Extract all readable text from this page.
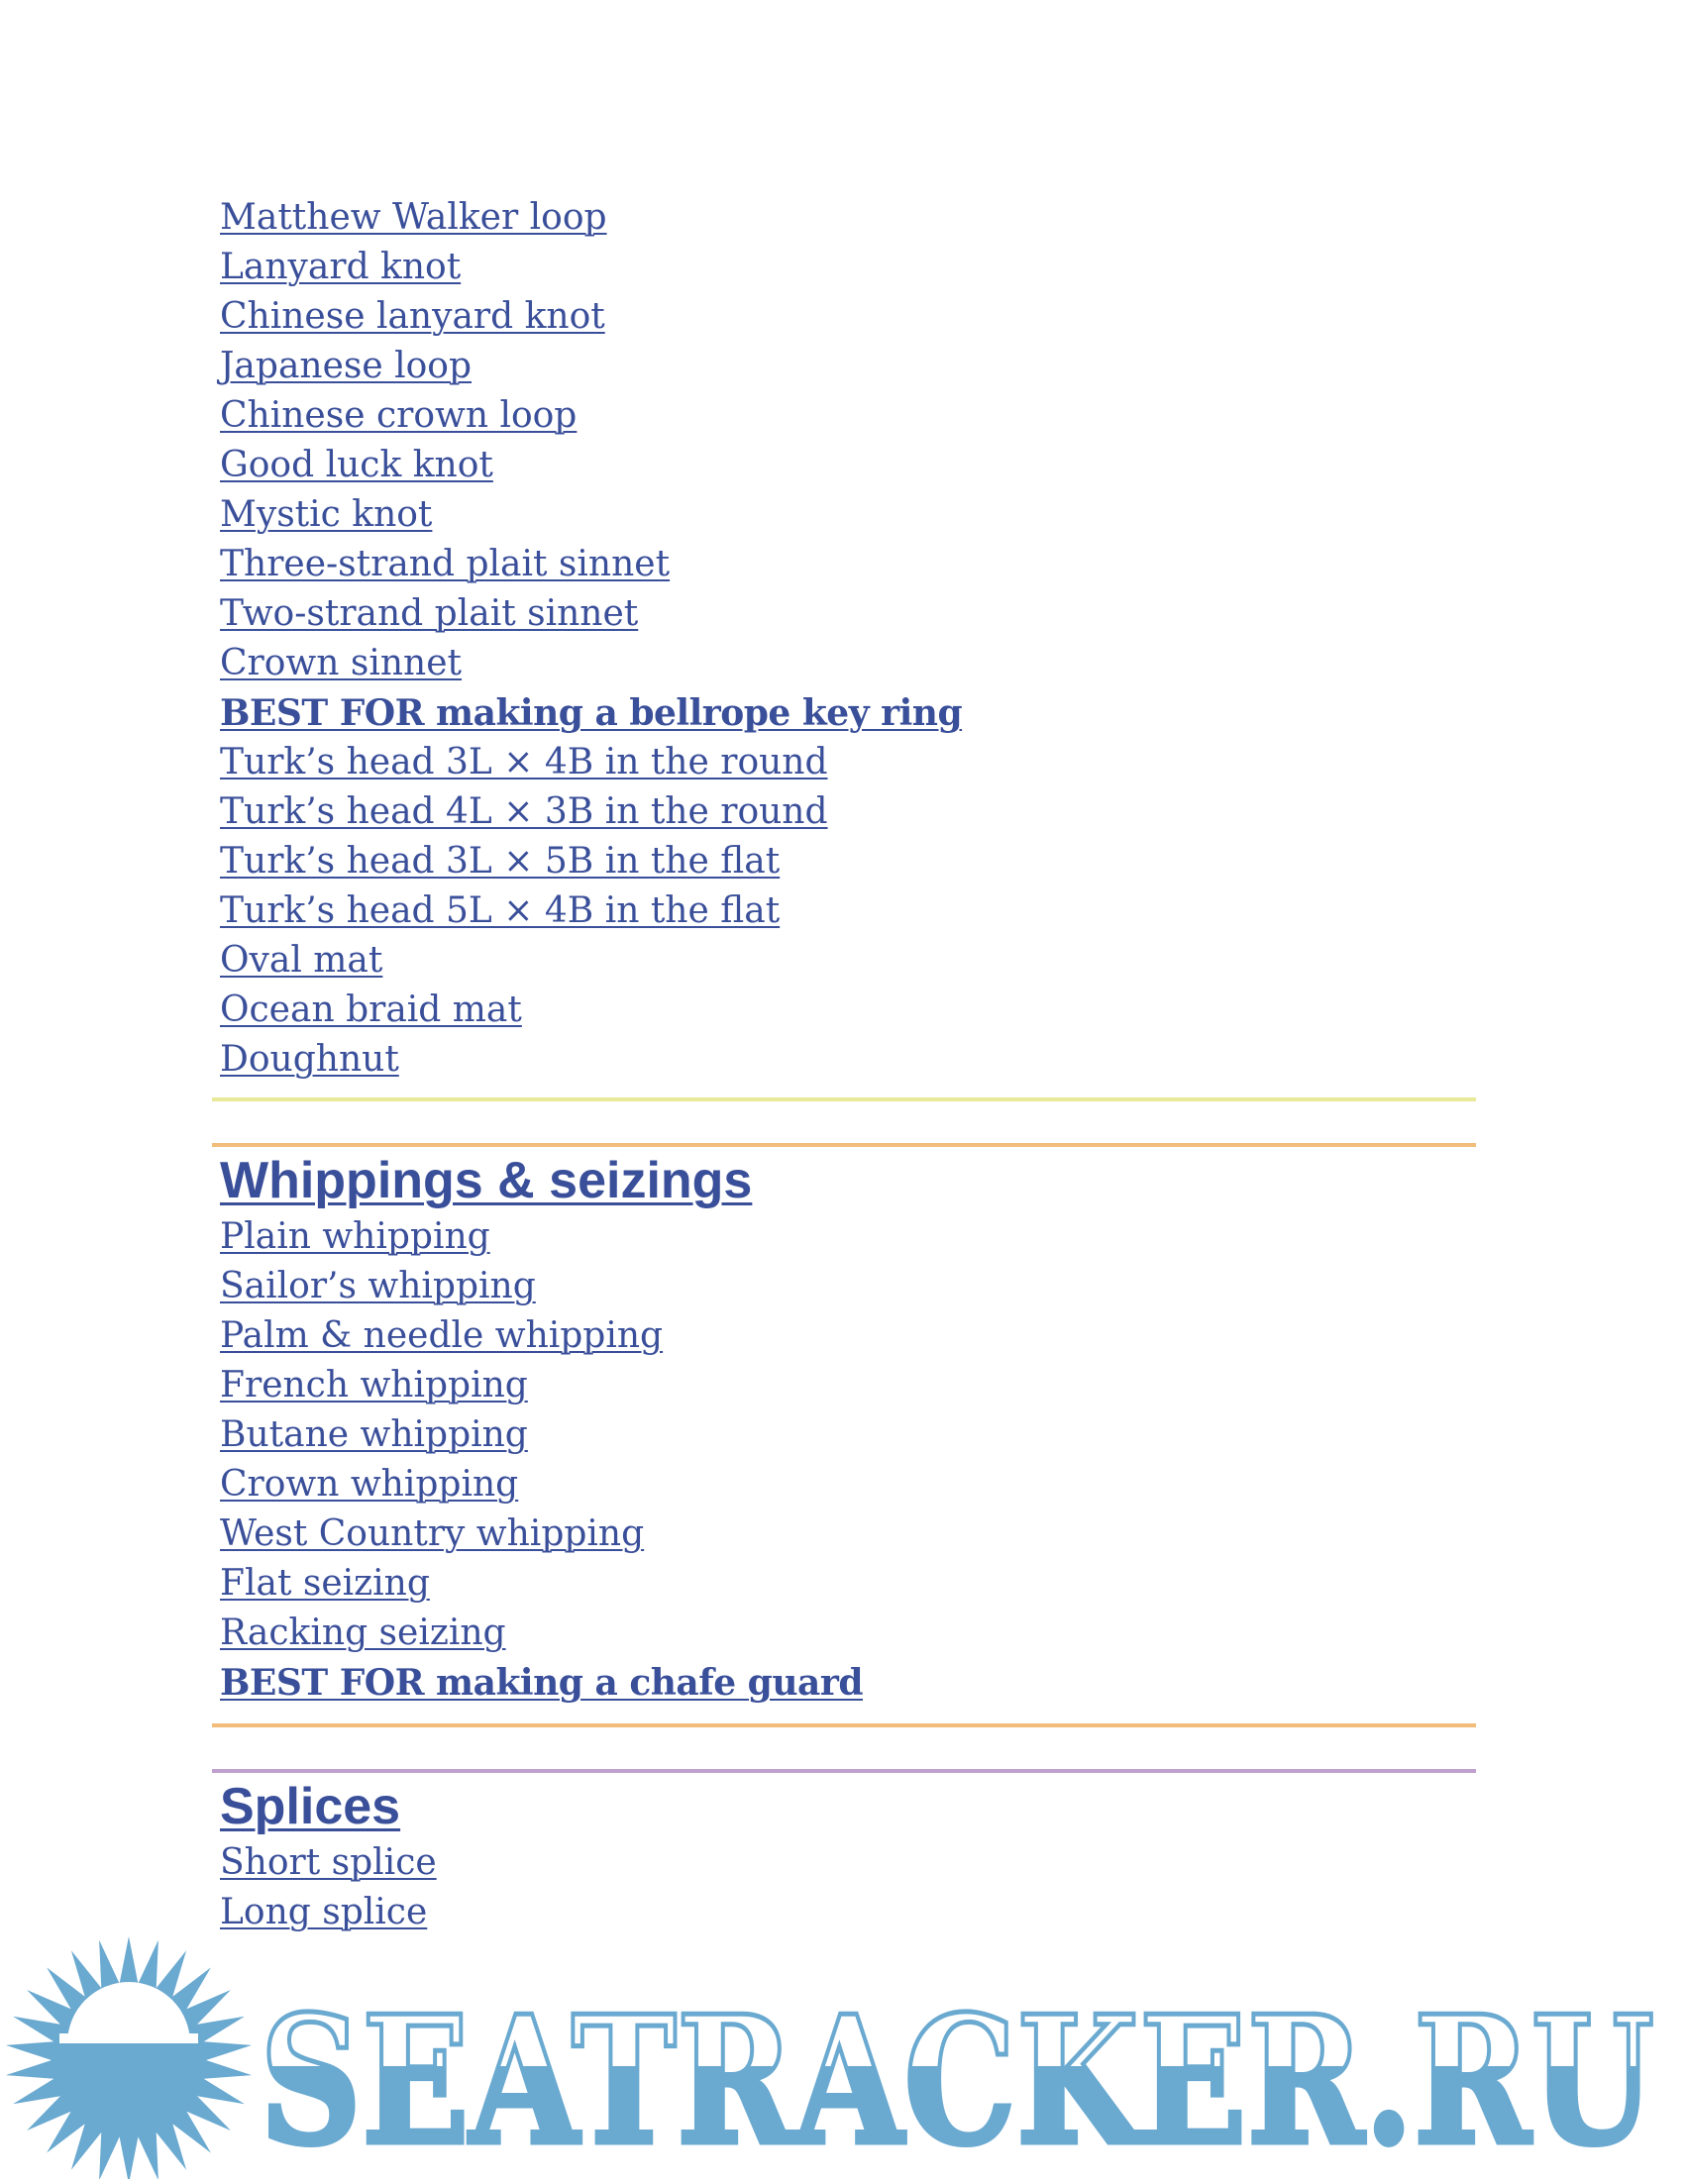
Matthew Walker loop
Lanyard knot
Chinese lanyard knot
Japanese loop
Chinese crown loop
Good luck knot
Mystic knot
Three-strand plait sinnet
Two-strand plait sinnet
Crown sinnet
BEST FOR making a bellrope key ring
Turk’s head 3L × 4B in the round
Turk’s head 4L × 3B in the round
Turk’s head 3L × 5B in the flat
Turk’s head 5L × 4B in the flat
Oval mat
Ocean braid mat
Doughnut
Whippings & seizings
Plain whipping
Sailor’s whipping
Palm & needle whipping
French whipping
Butane whipping
Crown whipping
West Country whipping
Flat seizing
Racking seizing
BEST FOR making a chafe guard
Splices
Short splice
Long splice
SEATRACKER.RU
